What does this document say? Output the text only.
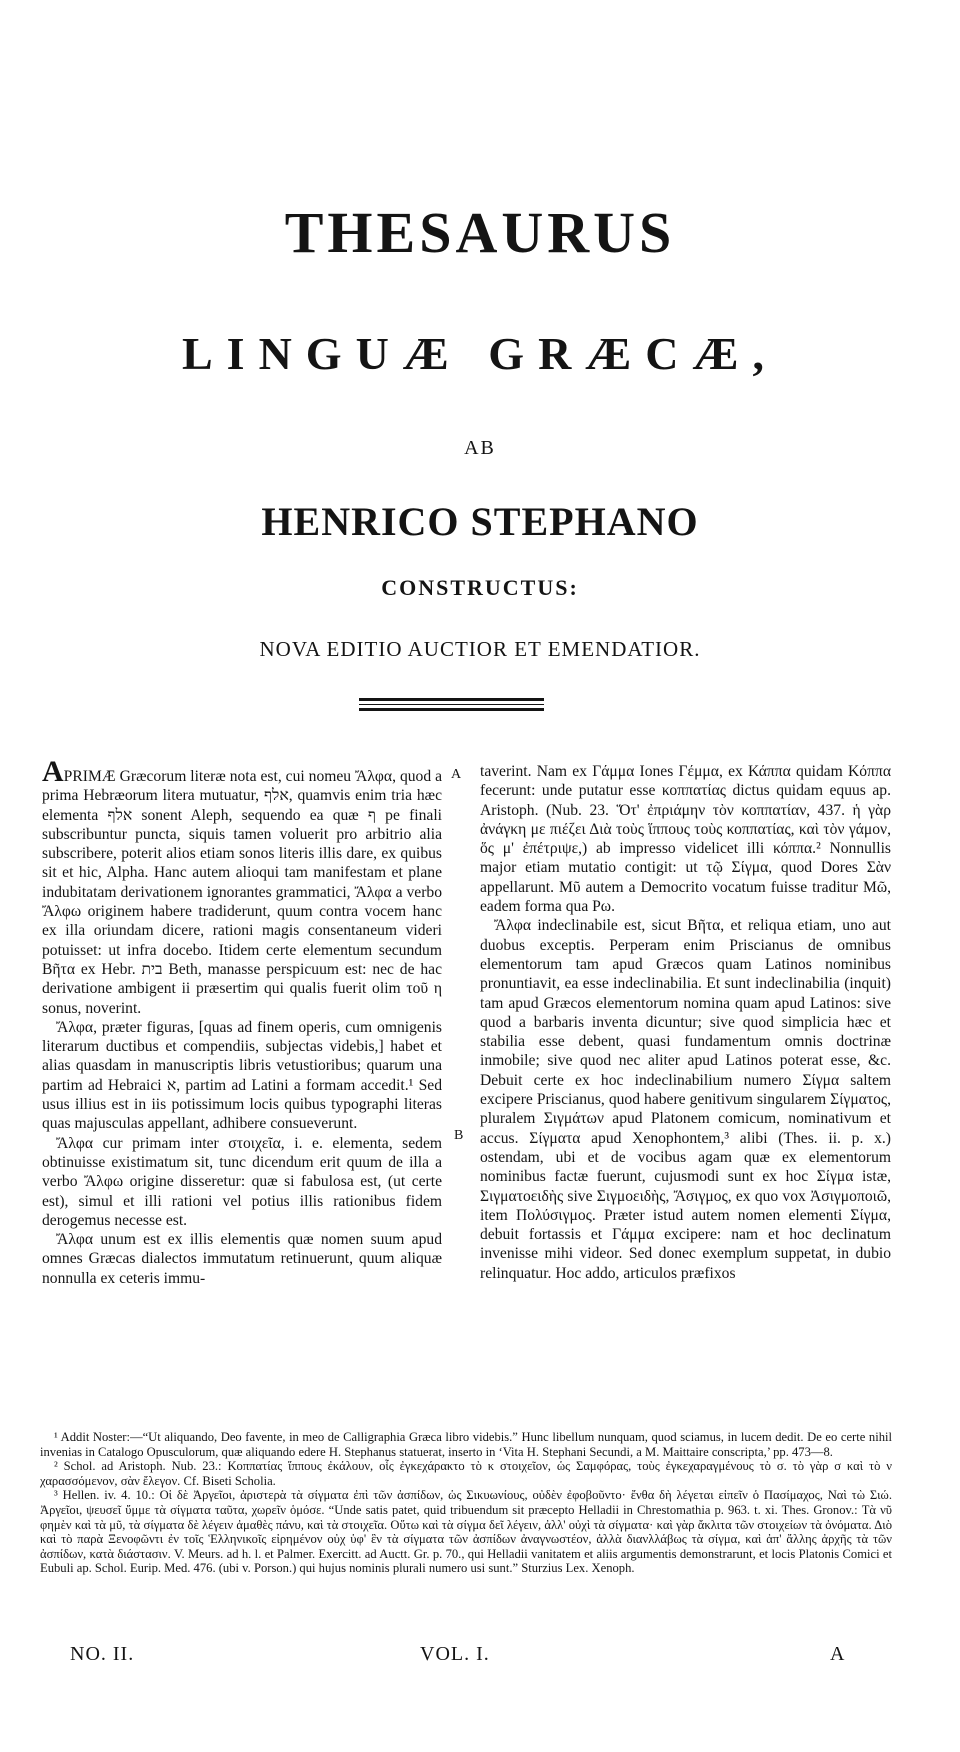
THESAURUS
LINGUÆ GRÆCÆ,
AB
HENRICO STEPHANO
CONSTRUCTUS:
NOVA EDITIO AUCTIOR ET EMENDATIOR.
A
B

APRIMÆ Græcorum literæ nota est, cui nomeu Ἄλφα, quod a prima Hebræorum litera mutuatur, אלף, quamvis enim tria hæc elementa אלף sonent Aleph, sequendo ea quæ ף pe finali subscribuntur puncta, siquis tamen voluerit pro arbitrio alia subscribere, poterit alios etiam sonos literis illis dare, ex quibus sit et hic, Alpha. Hanc autem alioqui tam manifestam et plane indubitatam derivationem ignorantes grammatici, Ἄλφα a verbo Ἄλφω originem habere tradiderunt, quum contra vocem hanc ex illa oriundam dicere, rationi magis consentaneum videri potuisset: ut infra docebo. Itidem certe elementum secundum Βῆτα ex Hebr. בית Beth, manasse perspicuum est: nec de hac derivatione ambigent ii præsertim qui qualis fuerit olim τοῦ η sonus, noverint.

Ἄλφα, præter figuras, [quas ad finem operis, cum omnigenis literarum ductibus et compendiis, subjectas videbis,] habet et alias quasdam in manuscriptis libris vetustioribus; quarum una partim ad Hebraici א, partim ad Latini a formam accedit.¹ Sed usus illius est in iis potissimum locis quibus typographi literas quas majusculas appellant, adhibere consueverunt.

Ἄλφα cur primam inter στοιχεῖα, i. e. elementa, sedem obtinuisse existimatum sit, tunc dicendum erit quum de illa a verbo Ἄλφω origine disseretur: quæ si fabulosa est, (ut certe est), simul et illi rationi vel potius illis rationibus fidem derogemus necesse est.

Ἄλφα unum est ex illis elementis quæ nomen suum apud omnes Græcas dialectos immutatum retinuerunt, quum aliquæ nonnulla ex ceteris immu-

taverint. Nam ex Γάμμα Iones Γέμμα, ex Κάππα quidam Κόππα fecerunt: unde putatur esse κοππατίας dictus quidam equus ap. Aristoph. (Nub. 23. Ὅτ' ἐπριάμην τὸν κοππατίαν, 437. ἡ γὰρ ἀνάγκη με πιέζει Διὰ τοὺς ἵππους τοὺς κοππατίας, καὶ τὸν γάμον, ὅς μ' ἐπέτριψε,) ab impresso videlicet illi κόππα.² Nonnullis major etiam mutatio contigit: ut τῷ Σίγμα, quod Dores Σὰν appellarunt. Μῦ autem a Democrito vocatum fuisse traditur Μῶ, eadem forma qua Ρω.

Ἄλφα indeclinabile est, sicut Βῆτα, et reliqua etiam, uno aut duobus exceptis. Perperam enim Priscianus de omnibus elementorum tam apud Græcos quam Latinos nominibus pronuntiavit, ea esse indeclinabilia. Et sunt indeclinabilia (inquit) tam apud Græcos elementorum nomina quam apud Latinos: sive quod a barbaris inventa dicuntur; sive quod simplicia hæc et stabilia esse debent, quasi fundamentum omnis doctrinæ inmobile; sive quod nec aliter apud Latinos poterat esse, &c. Debuit certe ex hoc indeclinabilium numero Σίγμα saltem excipere Priscianus, quod habere genitivum singularem Σίγματος, pluralem Σιγμάτων apud Platonem comicum, nominativum et accus. Σίγματα apud Xenophontem,³ alibi (Thes. ii. p. x.) ostendam, ubi et de vocibus agam quæ ex elementorum nominibus factæ fuerunt, cujusmodi sunt ex hoc Σίγμα istæ, Σιγματοειδὴς sive Σιγμοειδὴς, Ἄσιγμος, ex quo vox Ἀσιγμοποιῶ, item Πολύσιγμος. Præter istud autem nomen elementi Σίγμα, debuit fortassis et Γάμμα excipere: nam et hoc declinatum invenisse mihi videor. Sed donec exemplum suppetat, in dubio relinquatur. Hoc addo, articulos præfixos

¹ Addit Noster:—“Ut aliquando, Deo favente, in meo de Calligraphia Græca libro videbis.” Hunc libellum nunquam, quod sciamus, in lucem dedit. De eo certe nihil invenias in Catalogo Opusculorum, quæ aliquando edere H. Stephanus statuerat, inserto in ‘Vita H. Stephani Secundi, a M. Maittaire conscripta,’ pp. 473—8.

² Schol. ad Aristoph. Nub. 23.: Κοππατίας ἵππους ἐκάλουν, οἷς ἐγκεχάρακτο τὸ κ στοιχεῖον, ὡς Σαμφόρας, τοὺς ἐγκεχαραγμένους τὸ σ. τὸ γὰρ σ καὶ τὸ ν χαρασσόμενον, σὰν ἔλεγον. Cf. Biseti Scholia.

³ Hellen. iv. 4. 10.: Οἱ δὲ Ἀργεῖοι, ἀριστερὰ τὰ σίγματα ἐπὶ τῶν ἀσπίδων, ὡς Σικυωνίους, οὐδὲν ἐφοβοῦντο· ἔνθα δὴ λέγεται εἰπεῖν ὁ Πασίμαχος, Ναὶ τὼ Σιώ. Ἀργεῖοι, ψευσεῖ ὔμμε τὰ σίγματα ταῦτα, χωρεῖν ὁμόσε. “Unde satis patet, quid tribuendum sit præcepto Helladii in Chrestomathia p. 963. t. xi. Thes. Gronov.: Τὰ νῦ φημὲν καὶ τὰ μῦ, τὰ σίγματα δὲ λέγειν ἀμαθὲς πάνυ, καὶ τὰ στοιχεῖα. Οὕτω καὶ τὰ σίγμα δεῖ λέγειν, ἀλλ' οὐχὶ τὰ σίγματα· καὶ γὰρ ἄκλιτα τῶν στοιχείων τὰ ὀνόματα. Διὸ καὶ τὸ παρὰ Ξενοφῶντι ἐν τοῖς Ἑλληνικοῖς εἰρημένον οὐχ ὑφ' ἓν τὰ σίγματα τῶν ἀσπίδων ἀναγνωστέον, ἀλλὰ διανλλάβως τὰ σίγμα, καὶ ἀπ' ἄλλης ἀρχῆς τὰ τῶν ἀσπίδων, κατὰ διάστασιν. V. Meurs. ad h. l. et Palmer. Exercitt. ad Auctt. Gr. p. 70., qui Helladii vanitatem et aliis argumentis demonstrarunt, et locis Platonis Comici et Eubuli ap. Schol. Eurip. Med. 476. (ubi v. Porson.) qui hujus nominis plurali numero usi sunt.” Sturzius Lex. Xenoph.

NO. II.	VOL. I.	A
